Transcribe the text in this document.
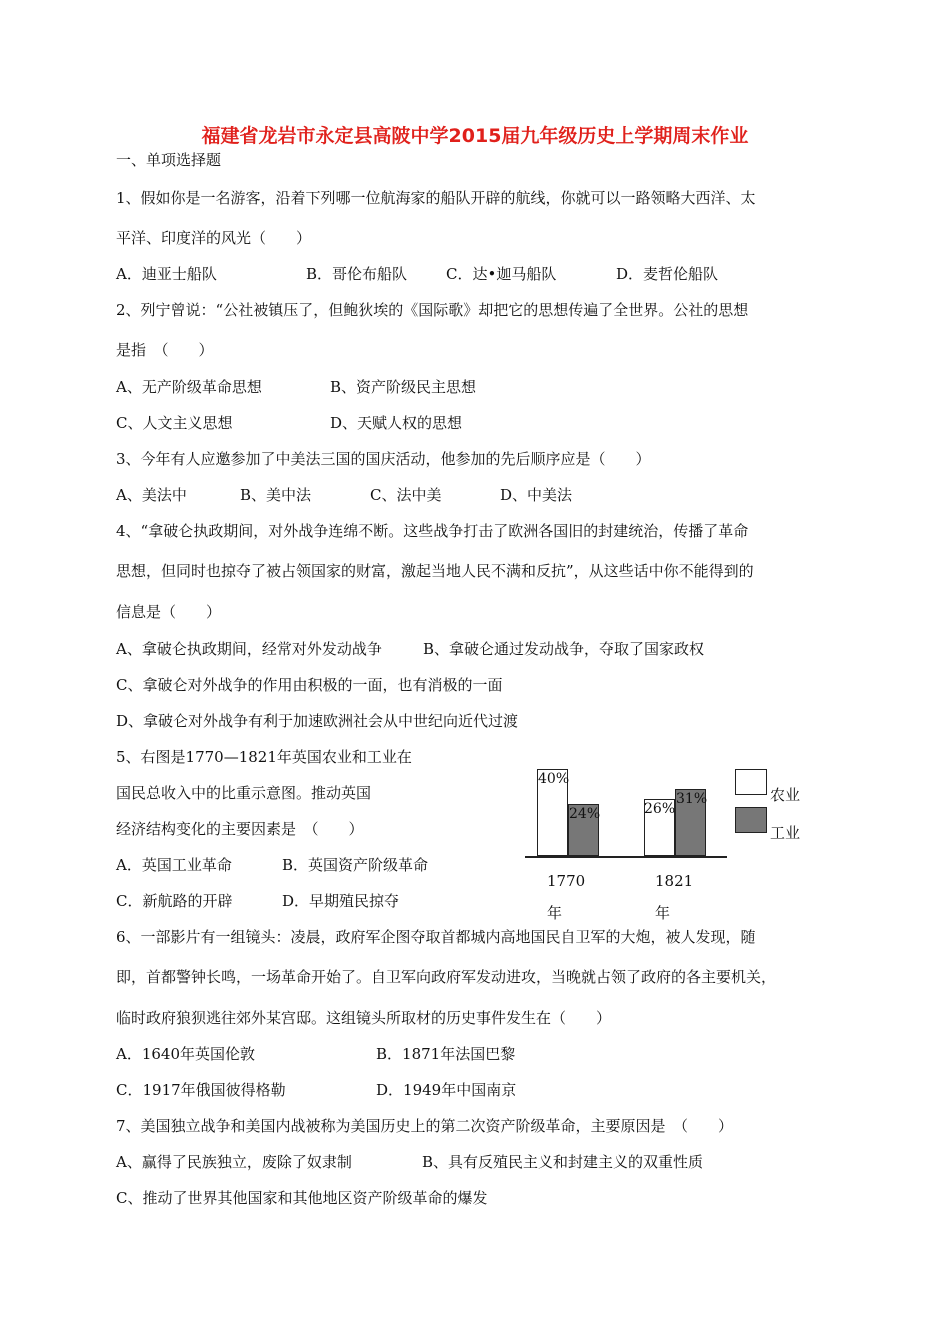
福建省龙岩市永定县高陂中学2015届九年级历史上学期周末作业
一、单项选择题
1、假如你是一名游客，沿着下列哪一位航海家的船队开辟的航线，你就可以一路领略大西洋、太
平洋、印度洋的风光（　　）
A．迪亚士船队	B．哥伦布船队	C．达•迦马船队	D．麦哲伦船队
2、列宁曾说：“公社被镇压了，但鲍狄埃的《国际歌》却把它的思想传遍了全世界。公社的思想
是指　（　　）
A、无产阶级革命思想	B、资产阶级民主思想
C、人文主义思想	D、天赋人权的思想
3、今年有人应邀参加了中美法三国的国庆活动，他参加的先后顺序应是（　　）
A、美法中	B、美中法	C、法中美	D、中美法
4、“拿破仑执政期间，对外战争连绵不断。这些战争打击了欧洲各国旧的封建统治，传播了革命
思想，但同时也掠夺了被占领国家的财富，激起当地人民不满和反抗”，从这些话中你不能得到的
信息是（　　）
A、拿破仑执政期间，经常对外发动战争	B、拿破仑通过发动战争，夺取了国家政权
C、拿破仑对外战争的作用由积极的一面，也有消极的一面
D、拿破仑对外战争有利于加速欧洲社会从中世纪向近代过渡
5、右图是1770—1821年英国农业和工业在
国民总收入中的比重示意图。推动英国
经济结构变化的主要因素是　（　　）
A．英国工业革命	B．英国资产阶级革命
C．新航路的开辟	D．早期殖民掠夺
40%
24%	26%
31%
1770
年
1821
年
农业
工业
6、一部影片有一组镜头：凌晨，政府军企图夺取首都城内高地国民自卫军的大炮，被人发现，随
即，首都警钟长鸣，一场革命开始了。自卫军向政府军发动进攻，当晚就占领了政府的各主要机关，
临时政府狼狈逃往郊外某宫邸。这组镜头所取材的历史事件发生在（　　）
A．1640年英国伦敦	B．1871年法国巴黎
C．1917年俄国彼得格勒	D．1949年中国南京
7、美国独立战争和美国内战被称为美国历史上的第二次资产阶级革命，主要原因是　（　　）
A、赢得了民族独立，废除了奴隶制	B、具有反殖民主义和封建主义的双重性质
C、推动了世界其他国家和其他地区资产阶级革命的爆发
